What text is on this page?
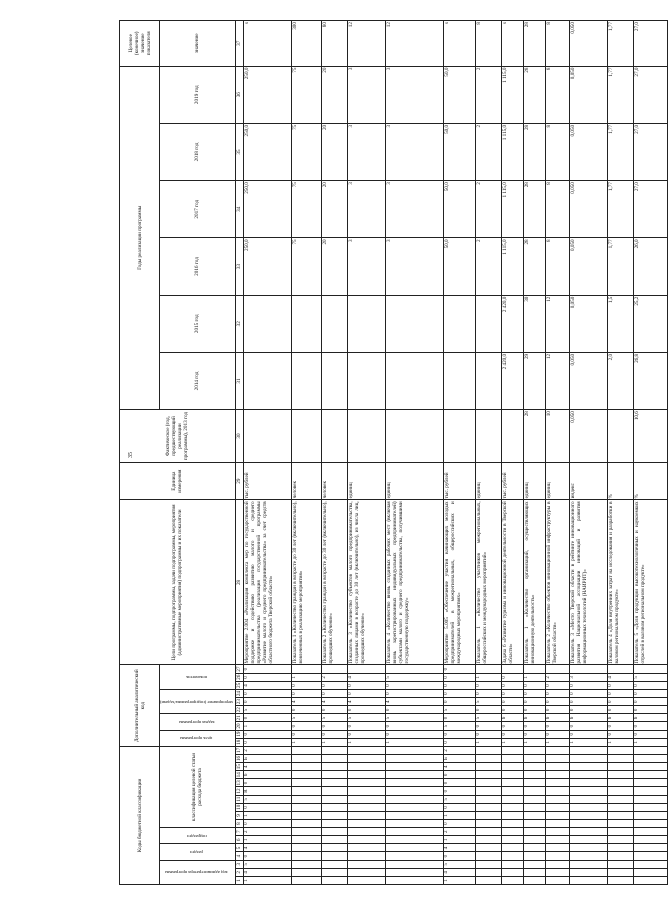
35
Коды бюджетной классификации																	Дополнительный аналитический код										Цели программы, подпрограммы, задачи подпрограммы, мероприятия (административные мероприятия) подпрограммы и их показатели	Единица измерения	Фактическое (год, предшествующий реализации программы), 2013 год	Годы реализации программы						Целевое (конечное) значение показателя
код администратора программы			раздел		подраздел		классификация целевой статьи расхода бюджета										цель программы		задача программы		мероприятие (подпрограммы/задачи)			показатель						2014 год	2015 год	2016 год	2017 год	2018 год	2019 год	значение
1	2	3	4	5	6	7	8	9	10	11	12	13	14	15	16	17	18	19	20	21	22	23	24	25	26	27	28	29	30	31	32	33	34	35	36	37
1	4	5	0	4	1	2	0	1	0	5	R	0	6	4	Б	2	0	0	1	0	5	0	0	4	0	0	Мероприятие 2.004 «Реализация комплекса мер по государственной поддержке и содействию развитию малого и среднего предпринимательства (реализация государственной программы «Развитие малого и среднего предпринимательства» за счет средств областного бюджета Тверской области»	тыс. рублей				250,0	250,0	250,0	250,0	s
																	1	0	0	5	0	4	0	0	1		Показатель 1 «Количество граждан в возрасте до 30 лет (включительно), вовлеченных в реализацию мероприятия»	человек				75	75	75	75	300
																	1	0	0	5	0	4	0	0	2		Показатель 2 «Количество граждан в возрасте до 30 лет (включительно), прошедших обучение»	человек				20	20	20	20	80
																	1	0	0	5	0	4	0	0	4		Показатель 3 «Количество субъектов малого предпринимательства, созданных лицами в возрасте до 30 лет (включительно), из числа лиц, прошедших обучение»	единиц				3	3	3	3	12
																	1	0	0	5	0	4	0	0	5		Показатель 4 «Количество вновь созданных рабочих мест (включая вновь зарегистрированных индивидуальных предпринимателей) субъектами малого и среднего предпринимательства, получившими государственную поддержку»	единиц				3	3	3	3	12
1	4	5	0	4	1	2	0	1	0	5	0	0	0	4	Б	2	0	0	5	0	5	0	0	0	0	0	Мероприятие 5.005 «Обеспечение участия начинающих молодых предпринимателей в межрегиональных, общероссийских и международных мероприятиях»	тыс. рублей				50,0	50,0	50,0	50,0	s
																	1	0	0	5	0	5	0	0	1		Показатель 1 «Количество участников межрегиональных, общероссийских и международных мероприятий»	единиц				2	2	2	2	8
																	1	0	0	6	0	0	0	0	0		Задача 6 «Развитие туризма и инновационной деятельности в Тверской области»	тыс. рублей		2 420,0	2 420,0	1 115,0	1 115,0	1 115,0	1 115,0	s
																	1	0	0	6	0	0	0	0	1		Показатель 1 «Количество организаций, осуществляющих инновационную деятельность»	единиц	28	29	30	28	28	28	28	28
																	1	0	0	6	0	0	0	0	2		Показатель 2 «Количество объектов инновационной инфраструктуры в Тверской области»	единиц	10	12	12	8	8	8	8	8
																	1	0	0	6	0	0	0	0	3		Показатель 3 «Место Тверской области в рейтинге инновационного развития Национальной ассоциации инноваций и развития информационных технологий (НАИРИТ)»	индекс	0,050	0,050	0,050	0,050	0,050	0,050	0,050	0,050
																	1	0	0	6	0	0	0	0	4		Показатель 4 «Доля внутренних затрат на исследования и разработки в валовом региональном продукте»	%		2,0	1,5	1,77	1,77	1,77	1,77	1,77
																	1	0	0	6	0	0	0	0	5		Показатель 5 «Доля продукции высокотехнологичных и наукоемких отраслей в валовом региональном продукте»	%	10,6	26,8	25,2	26,0	27,0	27,0	27,0	27,0
